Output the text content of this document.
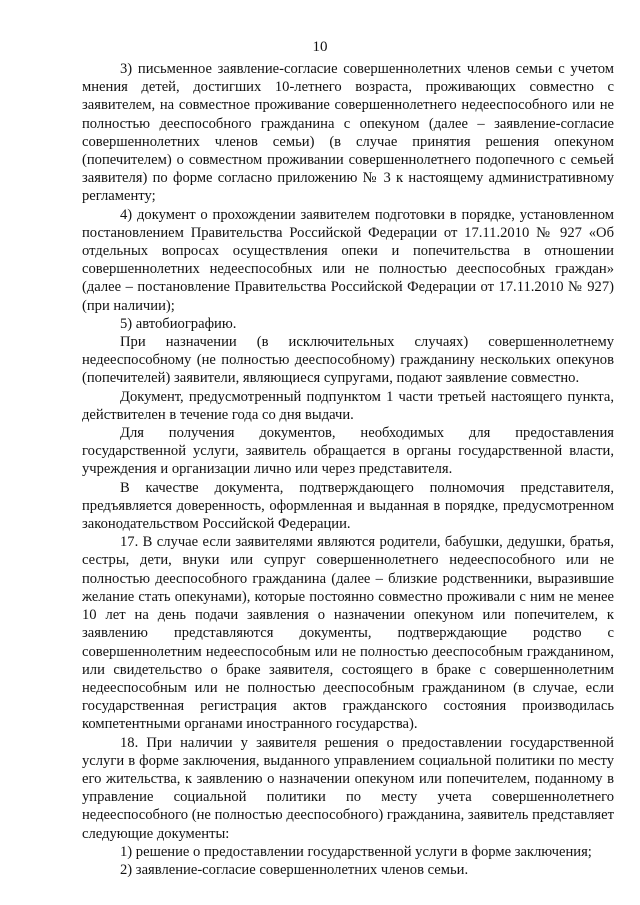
10

3) письменное заявление-согласие совершеннолетних членов семьи с учетом мнения детей, достигших 10-летнего возраста, проживающих совместно с заявителем, на совместное проживание совершеннолетнего недееспособного или не полностью дееспособного гражданина с опекуном (далее – заявление-согласие совершеннолетних членов семьи) (в случае принятия решения опекуном (попечителем) о совместном проживании совершеннолетнего подопечного с семьей заявителя) по форме согласно приложению № 3 к настоящему административному регламенту;

4) документ о прохождении заявителем подготовки в порядке, установленном постановлением Правительства Российской Федерации от 17.11.2010 № 927 «Об отдельных вопросах осуществления опеки и попечительства в отношении совершеннолетних недееспособных или не полностью дееспособных граждан» (далее – постановление Правительства Российской Федерации от 17.11.2010 № 927) (при наличии);

5) автобиографию.

При назначении (в исключительных случаях) совершеннолетнему недееспособному (не полностью дееспособному) гражданину нескольких опекунов (попечителей) заявители, являющиеся супругами, подают заявление совместно.

Документ, предусмотренный подпунктом 1 части третьей настоящего пункта, действителен в течение года со дня выдачи.

Для получения документов, необходимых для предоставления государственной услуги, заявитель обращается в органы государственной власти, учреждения и организации лично или через представителя.

В качестве документа, подтверждающего полномочия представителя, предъявляется доверенность, оформленная и выданная в порядке, предусмотренном законодательством Российской Федерации.

17. В случае если заявителями являются родители, бабушки, дедушки, братья, сестры, дети, внуки или супруг совершеннолетнего недееспособного или не полностью дееспособного гражданина (далее – близкие родственники, выразившие желание стать опекунами), которые постоянно совместно проживали с ним не менее 10 лет на день подачи заявления о назначении опекуном или попечителем, к заявлению представляются документы, подтверждающие родство с совершеннолетним недееспособным или не полностью дееспособным гражданином, или свидетельство о браке заявителя, состоящего в браке с совершеннолетним недееспособным или не полностью дееспособным гражданином (в случае, если государственная регистрация актов гражданского состояния производилась компетентными органами иностранного государства).

18. При наличии у заявителя решения о предоставлении государственной услуги в форме заключения, выданного управлением социальной политики по месту его жительства, к заявлению о назначении опекуном или попечителем, поданному в управление социальной политики по месту учета совершеннолетнего недееспособного (не полностью дееспособного) гражданина, заявитель представляет следующие документы:

1) решение о предоставлении государственной услуги в форме заключения;

2) заявление-согласие совершеннолетних членов семьи.
